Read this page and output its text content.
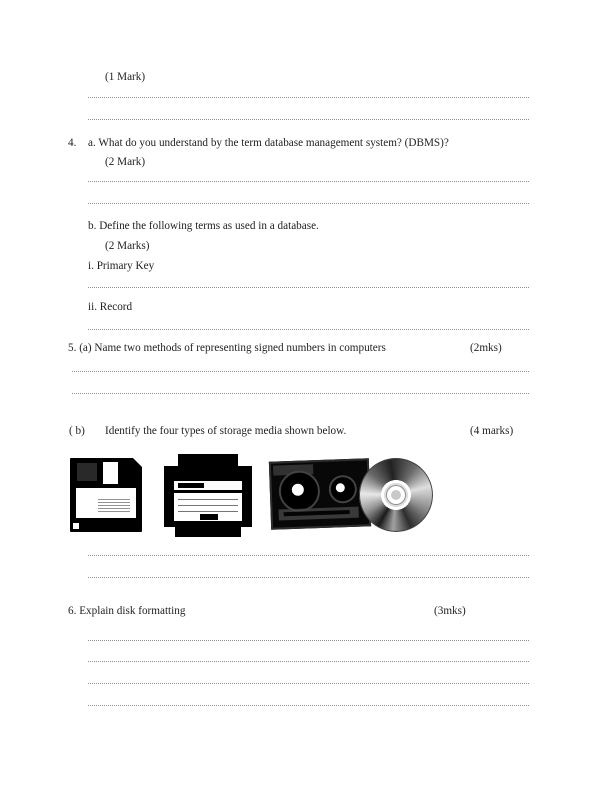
(1 Mark)
4. a. What do you understand by the term database management system? (DBMS)?
(2 Mark)
b. Define the following terms as used in a database.
(2 Marks)
i. Primary Key
ii. Record
5. (a) Name two methods of representing signed numbers in computers	(2mks)
( b) Identify the four types of storage media shown below.	(4 marks)
6. Explain disk formatting	(3mks)
